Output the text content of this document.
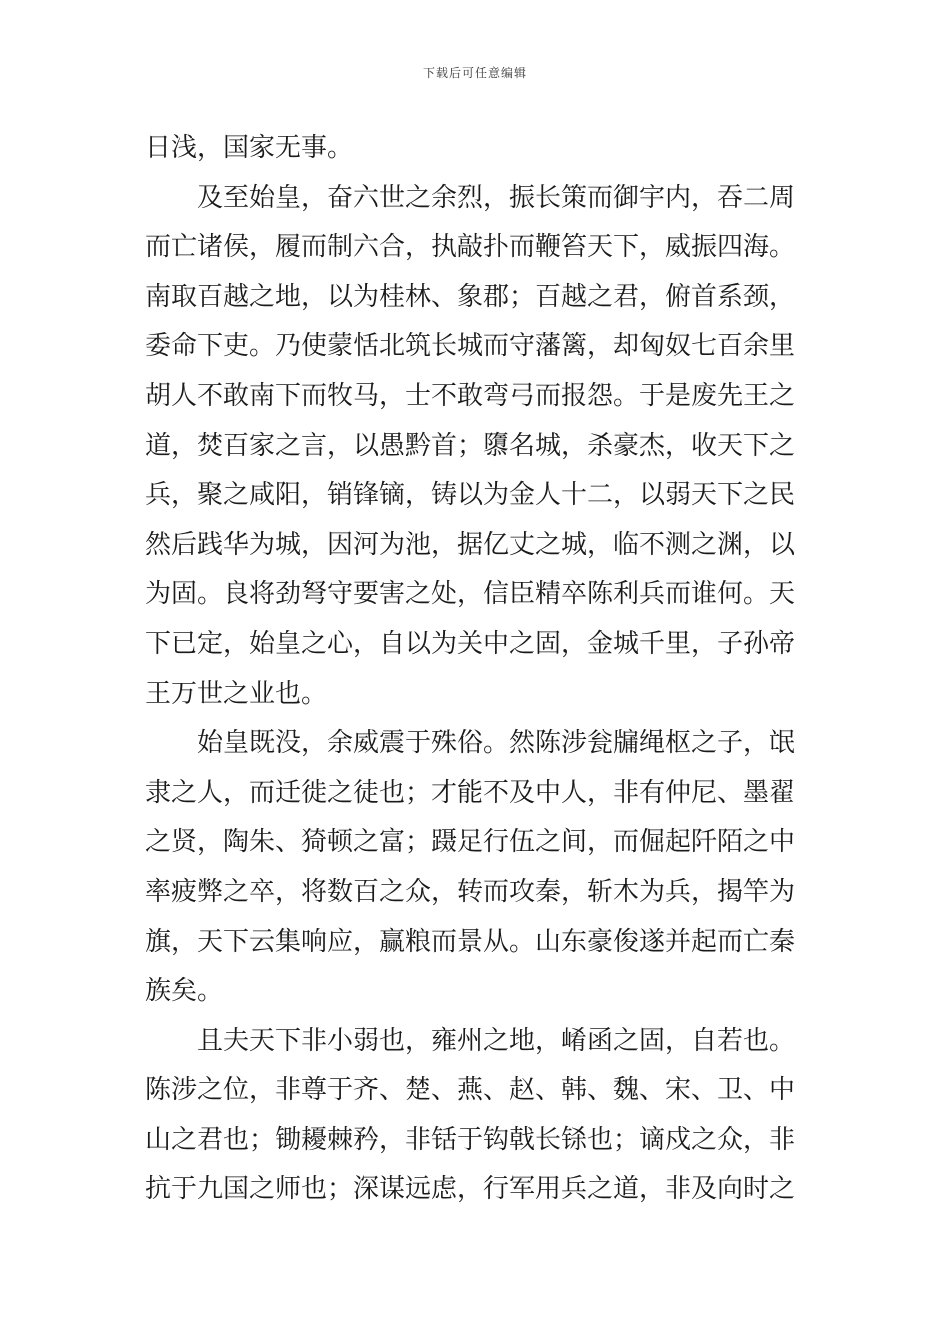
下载后可任意编辑
日浅，国家无事。
及至始皇，奋六世之余烈，振长策而御宇内，吞二周
而亡诸侯，履而制六合，执敲扑而鞭笞天下，威振四海。
南取百越之地，以为桂林、象郡；百越之君，俯首系颈，
委命下吏。乃使蒙恬北筑长城而守藩篱，却匈奴七百余里
胡人不敢南下而牧马，士不敢弯弓而报怨。于是废先王之
道，焚百家之言，以愚黔首；隳名城，杀豪杰，收天下之
兵，聚之咸阳，销锋镝，铸以为金人十二，以弱天下之民
然后践华为城，因河为池，据亿丈之城，临不测之渊，以
为固。良将劲弩守要害之处，信臣精卒陈利兵而谁何。天
下已定，始皇之心，自以为关中之固，金城千里，子孙帝
王万世之业也。
始皇既没，余威震于殊俗。然陈涉瓮牖绳枢之子，氓
隶之人，而迁徙之徒也；才能不及中人，非有仲尼、墨翟
之贤，陶朱、猗顿之富；蹑足行伍之间，而倔起阡陌之中
率疲弊之卒，将数百之众，转而攻秦，斩木为兵，揭竿为
旗，天下云集响应，赢粮而景从。山东豪俊遂并起而亡秦
族矣。
且夫天下非小弱也，雍州之地，崤函之固，自若也。
陈涉之位，非尊于齐、楚、燕、赵、韩、魏、宋、卫、中
山之君也；锄耰棘矜，非铦于钩戟长铩也；谪戍之众，非
抗于九国之师也；深谋远虑，行军用兵之道，非及向时之
